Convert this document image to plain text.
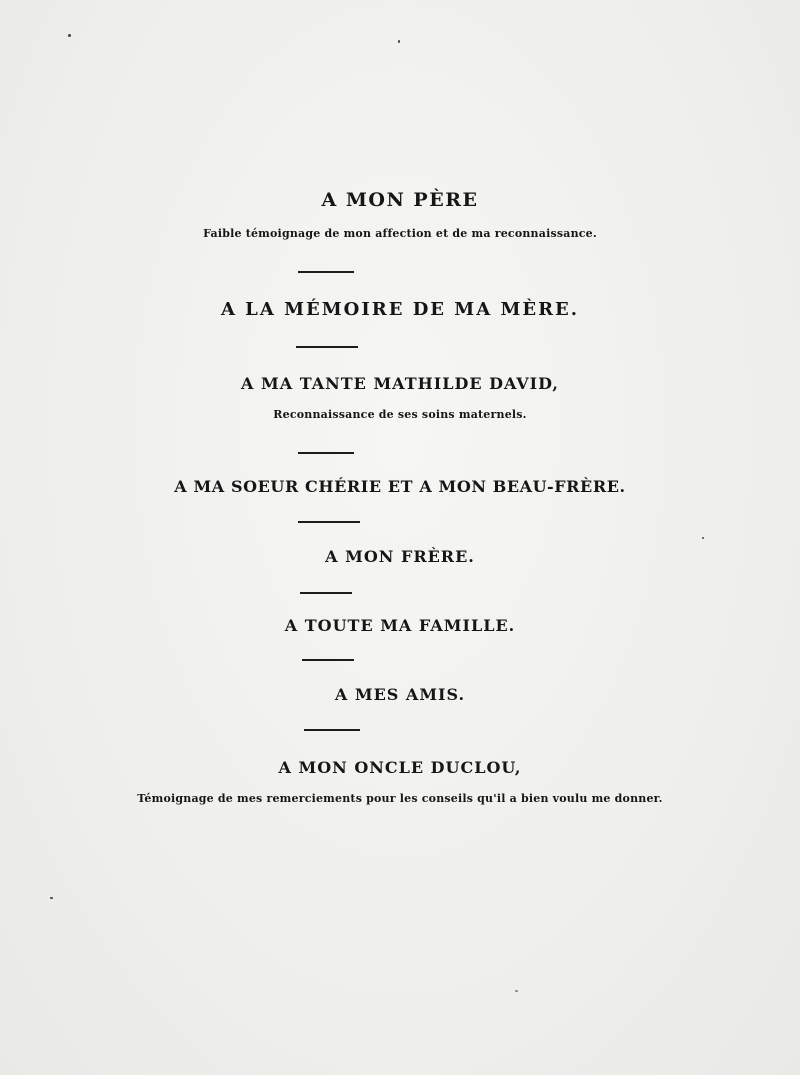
A MON PÈRE
Faible témoignage de mon affection et de ma reconnaissance.
A LA MÉMOIRE DE MA MÈRE.
A MA TANTE MATHILDE DAVID,
Reconnaissance de ses soins maternels.
A MA SOEUR CHÉRIE ET A MON BEAU-FRÈRE.
A MON FRÈRE.
A TOUTE MA FAMILLE.
A MES AMIS.
A MON ONCLE DUCLOU,
Témoignage de mes remerciements pour les conseils qu'il a bien voulu me donner.
